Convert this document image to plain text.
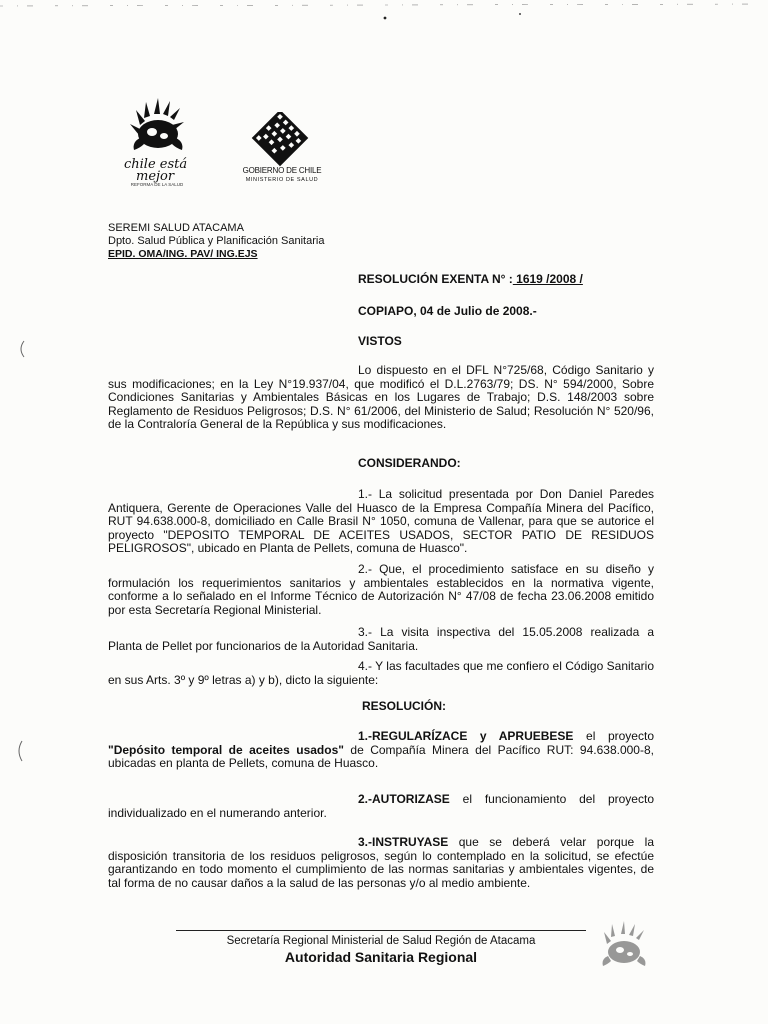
chile está
mejor
REFORMA DE LA SALUD
GOBIERNO DE CHILE
MINISTERIO DE SALUD
SEREMI SALUD ATACAMA
Dpto. Salud Pública y Planificación Sanitaria
EPID. OMA/ING. PAV/ ING.EJS
RESOLUCIÓN EXENTA N° : 1619 /2008 /
COPIAPO, 04 de Julio de 2008.-
VISTOS
Lo dispuesto en el DFL N°725/68, Código Sanitario y sus modificaciones; en la Ley N°19.937/04, que modificó el D.L.2763/79; DS. N° 594/2000, Sobre Condiciones Sanitarias y Ambientales Básicas en los Lugares de Trabajo; D.S. 148/2003 sobre Reglamento de Residuos Peligrosos; D.S. N° 61/2006, del Ministerio de Salud; Resolución N° 520/96, de la Contraloría General de la República y sus modificaciones.
CONSIDERANDO:
1.- La solicitud presentada por Don Daniel Paredes Antiquera, Gerente de Operaciones Valle del Huasco de la Empresa Compañía Minera del Pacífico, RUT 94.638.000-8, domiciliado en Calle Brasil N° 1050, comuna de Vallenar, para que se autorice el proyecto "DEPOSITO TEMPORAL DE ACEITES USADOS, SECTOR PATIO DE RESIDUOS PELIGROSOS", ubicado en Planta de Pellets, comuna de Huasco".
2.- Que, el procedimiento satisface en su diseño y formulación los requerimientos sanitarios y ambientales establecidos en la normativa vigente, conforme a lo señalado en el Informe Técnico de Autorización N° 47/08 de fecha 23.06.2008 emitido por esta Secretaría Regional Ministerial.
3.- La visita inspectiva del 15.05.2008 realizada a Planta de Pellet por funcionarios de la Autoridad Sanitaria.
4.- Y las facultades que me confiero el Código Sanitario en sus Arts. 3º y 9º letras a) y b), dicto la siguiente:
RESOLUCIÓN:
1.-REGULARÍZACE y APRUEBESE el proyecto "Depósito temporal de aceites usados" de Compañía Minera del Pacífico RUT: 94.638.000-8, ubicadas en planta de Pellets, comuna de Huasco.
2.-AUTORIZASE el funcionamiento del proyecto individualizado en el numerando anterior.
3.-INSTRUYASE que se deberá velar porque la disposición transitoria de los residuos peligrosos, según lo contemplado en la solicitud, se efectúe garantizando en todo momento el cumplimiento de las normas sanitarias y ambientales vigentes, de tal forma de no causar daños a la salud de las personas y/o al medio ambiente.
Secretaría Regional Ministerial de Salud Región de Atacama
Autoridad Sanitaria Regional
